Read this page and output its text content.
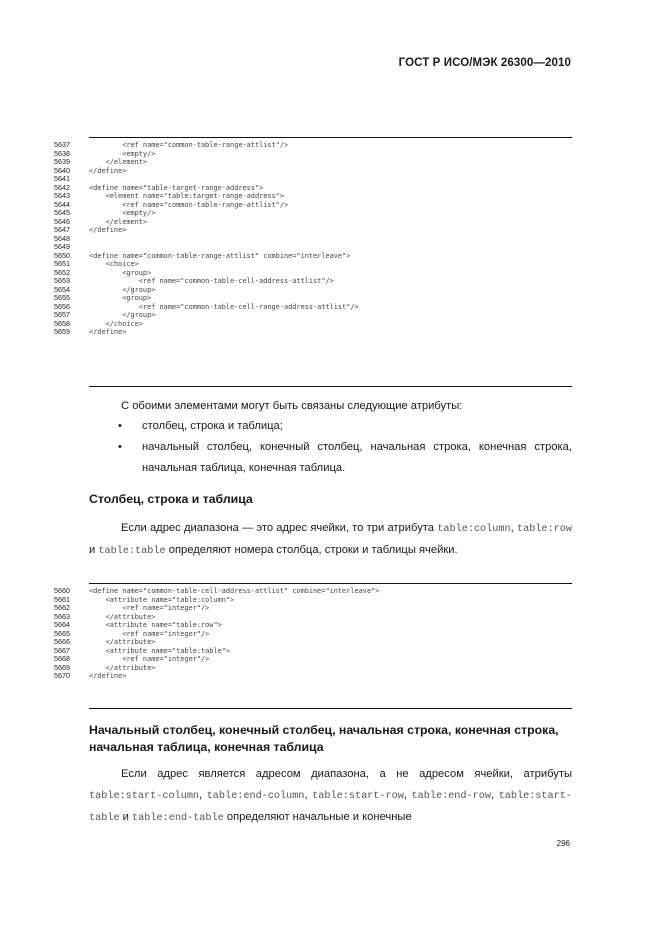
ГОСТ Р ИСО/МЭК 26300—2010
5637	<ref name="common-table-range-attlist"/>
5638	<empty/>
5639	</element>
5640	</define>
5641
5642	<define name="table-target-range-address">
5643	<element name="table:target-range-address">
5644	<ref name="common-table-range-attlist"/>
5645	<empty/>
5646	</element>
5647	</define>
5648
5649
5650	<define name="common-table-range-attlist" combine="interleave">
5651	<choice>
5652	<group>
5653	<ref name="common-table-cell-address-attlist"/>
5654	</group>
5655	<group>
5656	<ref name="common-table-cell-range-address-attlist"/>
5657	</group>
5658	</choice>
5659	</define>
С обоими элементами могут быть связаны следующие атрибуты:
• столбец, строка и таблица;
• начальный столбец, конечный столбец, начальная строка, конечная строка, начальная таблица, конечная таблица.
Столбец, строка и таблица
Если адрес диапазона — это адрес ячейки, то три атрибута table:column, table:row и table:table определяют номера столбца, строки и таблицы ячейки.
5660	<define name="common-table-cell-address-attlist" combine="interleave">
5661	<attribute name="table:column">
5662	<ref name="integer"/>
5663	</attribute>
5664	<attribute name="table:row">
5665	<ref name="integer"/>
5666	</attribute>
5667	<attribute name="table:table">
5668	<ref name="integer"/>
5669	</attribute>
5670	</define>
Начальный столбец, конечный столбец, начальная строка, конечная строка, начальная таблица, конечная таблица
Если адрес является адресом диапазона, а не адресом ячейки, атрибуты table:start-column, table:end-column, table:start-row, table:end-row, table:start-table и table:end-table определяют начальные и конечные
296
